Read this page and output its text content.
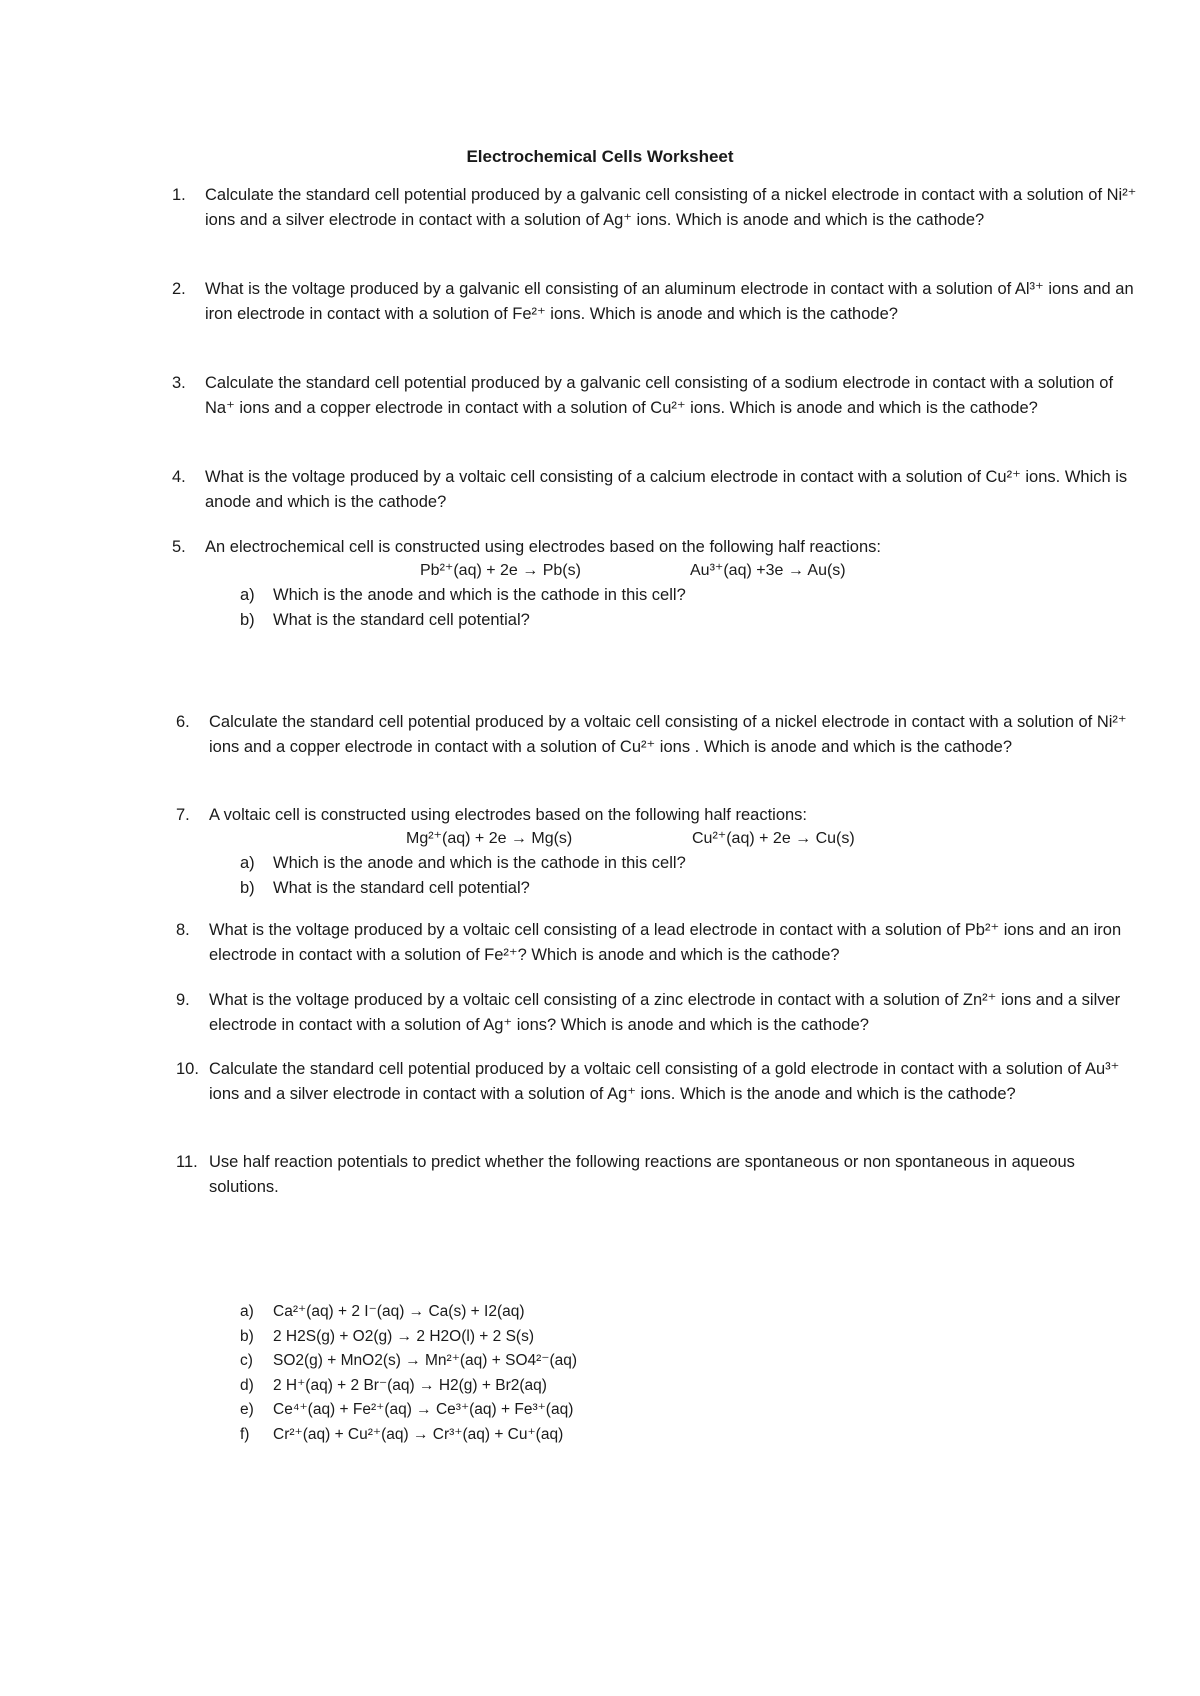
Electrochemical Cells Worksheet
1.	Calculate the standard cell potential produced by a galvanic cell consisting of a nickel electrode in contact with a solution of Ni²⁺ ions and a silver electrode in contact with a solution of Ag⁺ ions. Which is anode and which is the cathode?
2.	What is the voltage produced by a galvanic ell consisting of an aluminum electrode in contact with a solution of Al³⁺ ions and an iron electrode in contact with a solution of Fe²⁺ ions. Which is anode and which is the cathode?
3.	Calculate the standard cell potential produced by a galvanic cell consisting of a sodium electrode in contact with a solution of Na⁺ ions and a copper electrode in contact with a solution of Cu²⁺ ions. Which is anode and which is the cathode?
4.	What is the voltage produced by a voltaic cell consisting of a calcium electrode in contact with a solution of Cu²⁺ ions. Which is anode and which is the cathode?
5.	An electrochemical cell is constructed using electrodes based on the following half reactions:
Pb²⁺(aq) + 2e → Pb(s)	Au³⁺(aq) +3e → Au(s)
a)	Which is the anode and which is the cathode in this cell?
b)	What is the standard cell potential?
6.	Calculate the standard cell potential produced by a voltaic cell consisting of a nickel electrode in contact with a solution of Ni²⁺ ions and a copper electrode in contact with a solution of Cu²⁺ ions . Which is anode and which is the cathode?
7.	A voltaic cell is constructed using electrodes based on the following half reactions:
Mg²⁺(aq) + 2e → Mg(s)	Cu²⁺(aq) + 2e → Cu(s)
a)	Which is the anode and which is the cathode in this cell?
b)	What is the standard cell potential?
8.	What is the voltage produced by a voltaic cell consisting of a lead electrode in contact with a solution of Pb²⁺ ions and an iron electrode in contact with a solution of Fe²⁺? Which is anode and which is the cathode?
9.	What is the voltage produced by a voltaic cell consisting of a zinc electrode in contact with a solution of Zn²⁺ ions and a silver electrode in contact with a solution of Ag⁺ ions? Which is anode and which is the cathode?
10. Calculate the standard cell potential produced by a voltaic cell consisting of a gold electrode in contact with a solution of Au³⁺ ions and a silver electrode in contact with a solution of Ag⁺ ions. Which is the anode and which is the cathode?
11. Use half reaction potentials to predict whether the following reactions are spontaneous or non spontaneous in aqueous solutions.
a)	Ca²⁺(aq) + 2 I⁻(aq) → Ca(s) + I2(aq)
b)	2 H2S(g) + O2(g) → 2 H2O(l) + 2 S(s)
c)	SO2(g) + MnO2(s) → Mn²⁺(aq) + SO4²⁻(aq)
d)	2 H⁺(aq) + 2 Br⁻(aq) → H2(g) + Br2(aq)
e)	Ce⁴⁺(aq) + Fe²⁺(aq) → Ce³⁺(aq) + Fe³⁺(aq)
f)	Cr²⁺(aq) + Cu²⁺(aq) → Cr³⁺(aq) + Cu⁺(aq)
